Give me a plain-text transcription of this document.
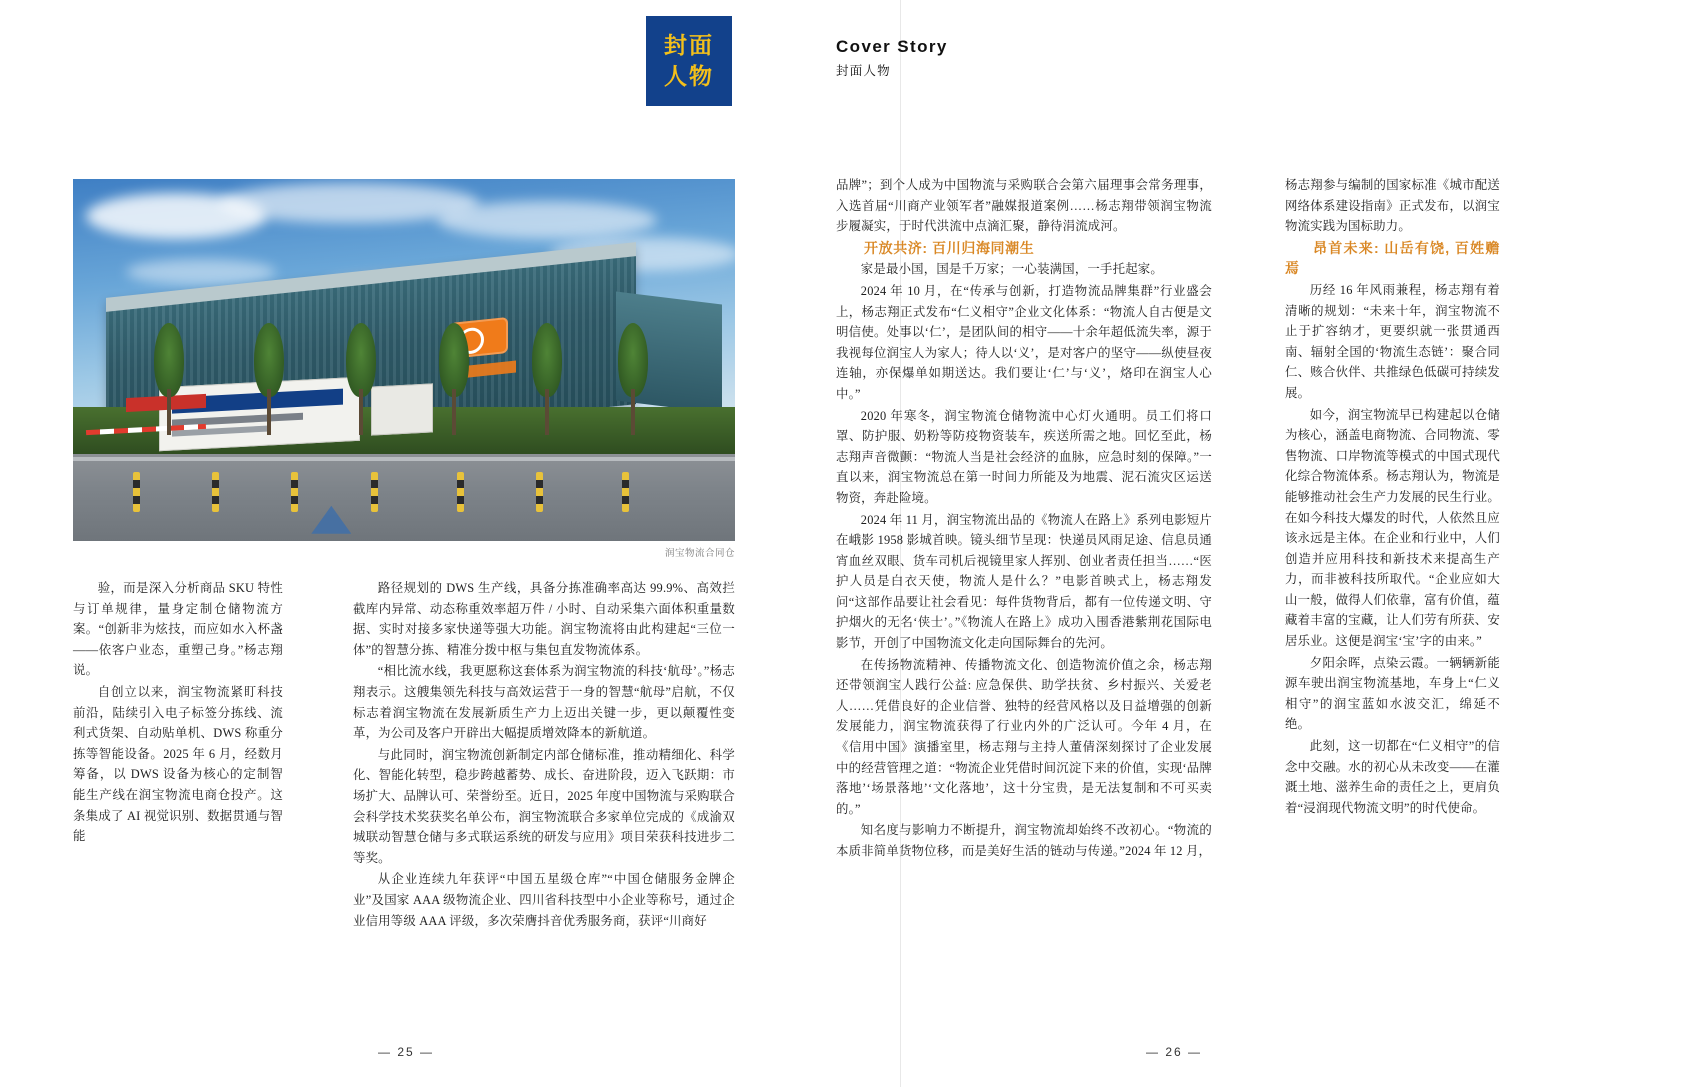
封面
人物
Cover Story
封面人物
润宝物流合同仓

验，而是深入分析商品 SKU 特性与订单规律，量身定制仓储物流方案。“创新非为炫技，而应如水入杯盏——依客户业态，重塑己身。”杨志翔说。

自创立以来，润宝物流紧盯科技前沿，陆续引入电子标签分拣线、流利式货架、自动贴单机、DWS 称重分拣等智能设备。2025 年 6 月，经数月筹备，以 DWS 设备为核心的定制智能生产线在润宝物流电商仓投产。这条集成了 AI 视觉识别、数据贯通与智能

路径规划的 DWS 生产线，具备分拣准确率高达 99.9%、高效拦截库内异常、动态称重效率超万件 / 小时、自动采集六面体积重量数据、实时对接多家快递等强大功能。润宝物流将由此构建起“三位一体”的智慧分拣、精准分拨中枢与集包直发物流体系。

“相比流水线，我更愿称这套体系为润宝物流的科技‘航母’。”杨志翔表示。这艘集领先科技与高效运营于一身的智慧“航母”启航，不仅标志着润宝物流在发展新质生产力上迈出关键一步，更以颠覆性变革，为公司及客户开辟出大幅提质增效降本的新航道。

与此同时，润宝物流创新制定内部仓储标准，推动精细化、科学化、智能化转型，稳步跨越蓄势、成长、奋进阶段，迈入飞跃期：市场扩大、品牌认可、荣誉纷至。近日，2025 年度中国物流与采购联合会科学技术奖获奖名单公布，润宝物流联合多家单位完成的《成渝双城联动智慧仓储与多式联运系统的研发与应用》项目荣获科技进步二等奖。

从企业连续九年获评“中国五星级仓库”“中国仓储服务金牌企业”及国家 AAA 级物流企业、四川省科技型中小企业等称号，通过企业信用等级 AAA 评级，多次荣膺抖音优秀服务商，获评“川商好

品牌”；到个人成为中国物流与采购联合会第六届理事会常务理事，入选首届“川商产业领军者”融媒报道案例……杨志翔带领润宝物流步履凝实，于时代洪流中点滴汇聚，静待涓流成河。

开放共济: 百川归海同潮生

家是最小国，国是千万家；一心装满国，一手托起家。

2024 年 10 月，在“传承与创新，打造物流品牌集群”行业盛会上，杨志翔正式发布“仁义相守”企业文化体系：“物流人自古便是文明信使。处事以‘仁’，是团队间的相守——十余年超低流失率，源于我视每位润宝人为家人；待人以‘义’，是对客户的坚守——纵使昼夜连轴，亦保爆单如期送达。我们要让‘仁’与‘义’，烙印在润宝人心中。”

2020 年寒冬，润宝物流仓储物流中心灯火通明。员工们将口罩、防护服、奶粉等防疫物资装车，疾送所需之地。回忆至此，杨志翔声音微颤：“物流人当是社会经济的血脉，应急时刻的保障。”一直以来，润宝物流总在第一时间力所能及为地震、泥石流灾区运送物资，奔赴险境。

2024 年 11 月，润宝物流出品的《物流人在路上》系列电影短片在峨影 1958 影城首映。镜头细节呈现：快递员风雨足途、信息员通宵血丝双眼、货车司机后视镜里家人挥别、创业者责任担当……“医护人员是白衣天使，物流人是什么？”电影首映式上，杨志翔发问“这部作品要让社会看见：每件货物背后，都有一位传递文明、守护烟火的无名‘侠士’。”《物流人在路上》成功入围香港紫荆花国际电影节，开创了中国物流文化走向国际舞台的先河。

在传扬物流精神、传播物流文化、创造物流价值之余，杨志翔还带领润宝人践行公益: 应急保供、助学扶贫、乡村振兴、关爱老人……凭借良好的企业信誉、独特的经营风格以及日益增强的创新发展能力，润宝物流获得了行业内外的广泛认可。今年 4 月，在《信用中国》演播室里，杨志翔与主持人董倩深刻探讨了企业发展中的经营管理之道：“物流企业凭借时间沉淀下来的价值，实现‘品牌落地’‘场景落地’‘文化落地’，这十分宝贵，是无法复制和不可买卖的。”

知名度与影响力不断提升，润宝物流却始终不改初心。“物流的本质非简单货物位移，而是美好生活的链动与传递。”2024 年 12 月，

杨志翔参与编制的国家标准《城市配送网络体系建设指南》正式发布，以润宝物流实践为国标助力。

昂首未来: 山岳有饶, 百姓赡焉

历经 16 年风雨兼程，杨志翔有着清晰的规划：“未来十年，润宝物流不止于扩容纳才，更要织就一张贯通西南、辐射全国的‘物流生态链’：聚合同仁、赅合伙伴、共推绿色低碳可持续发展。

如今，润宝物流早已构建起以仓储为核心，涵盖电商物流、合同物流、零售物流、口岸物流等模式的中国式现代化综合物流体系。杨志翔认为，物流是能够推动社会生产力发展的民生行业。在如今科技大爆发的时代，人依然且应该永远是主体。在企业和行业中，人们创造并应用科技和新技术来提高生产力，而非被科技所取代。“企业应如大山一般，做得人们依靠，富有价值，蕴藏着丰富的宝藏，让人们劳有所获、安居乐业。这便是润宝‘宝’字的由来。”

夕阳余晖，点染云霞。一辆辆新能源车驶出润宝物流基地，车身上“仁义相守”的润宝蓝如水波交汇，绵延不绝。

此刻，这一切都在“仁义相守”的信念中交融。水的初心从未改变——在灌溉土地、滋养生命的责任之上，更肩负着“浸润现代物流文明”的时代使命。

— 25 —	— 26 —
